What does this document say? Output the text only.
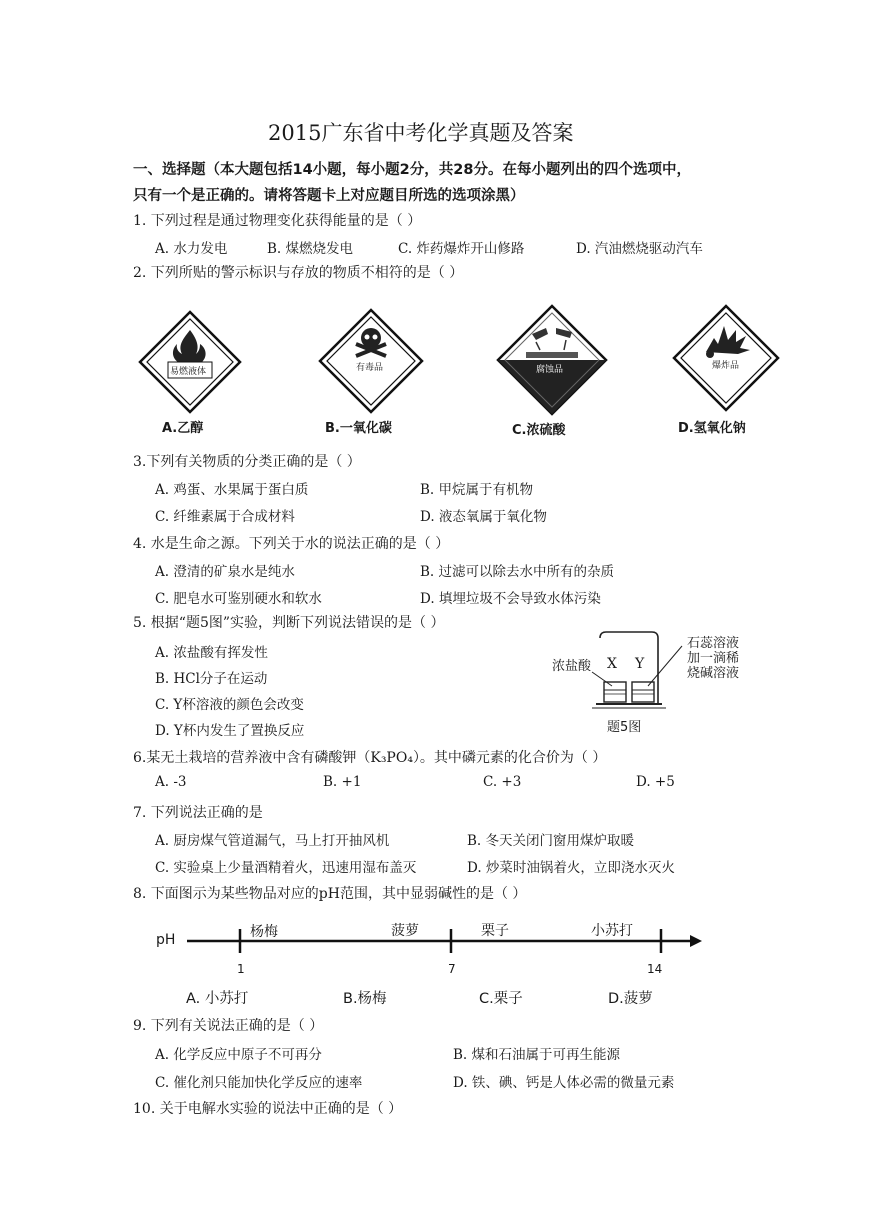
2015广东省中考化学真题及答案
一、选择题（本大题包括14小题，每小题2分，共28分。在每小题列出的四个选项中，
只有一个是正确的。请将答题卡上对应题目所选的选项涂黑）
1. 下列过程是通过物理变化获得能量的是（ ）
A. 水力发电	B. 煤燃烧发电	C. 炸药爆炸开山修路	D. 汽油燃烧驱动汽车
2. 下列所贴的警示标识与存放的物质不相符的是（ ）
易燃液体
A.乙醇
有毒品
B.一氧化碳
腐蚀品
C.浓硫酸
爆炸品
D.氢氧化钠
3.下列有关物质的分类正确的是（ ）
A. 鸡蛋、水果属于蛋白质	B. 甲烷属于有机物
C. 纤维素属于合成材料	D. 液态氧属于氧化物
4. 水是生命之源。下列关于水的说法正确的是（ ）
A. 澄清的矿泉水是纯水	B. 过滤可以除去水中所有的杂质
C. 肥皂水可鉴别硬水和软水	D. 填埋垃圾不会导致水体污染
5. 根据“题5图”实验，判断下列说法错误的是（ ）
A. 浓盐酸有挥发性
B. HCl分子在运动
C. Y杯溶液的颜色会改变
D. Y杯内发生了置换反应
浓盐酸 X Y
石蕊溶液
加一滴稀
烧碱溶液
题5图
6.某无土栽培的营养液中含有磷酸钾（K₃PO₄）。其中磷元素的化合价为（ ）
A. -3	B. +1	C. +3	D. +5
7. 下列说法正确的是
A. 厨房煤气管道漏气，马上打开抽风机	B. 冬天关闭门窗用煤炉取暖
C. 实验桌上少量酒精着火，迅速用湿布盖灭	D. 炒菜时油锅着火，立即浇水灭火
8. 下面图示为某些物品对应的pH范围，其中显弱碱性的是（ ）
pH	杨梅	菠萝	栗子	小苏打
1	7	14
A. 小苏打	B.杨梅	C.栗子	D.菠萝
9. 下列有关说法正确的是（ ）
A. 化学反应中原子不可再分	B. 煤和石油属于可再生能源
C. 催化剂只能加快化学反应的速率	D. 铁、碘、钙是人体必需的微量元素
10. 关于电解水实验的说法中正确的是（ ）
